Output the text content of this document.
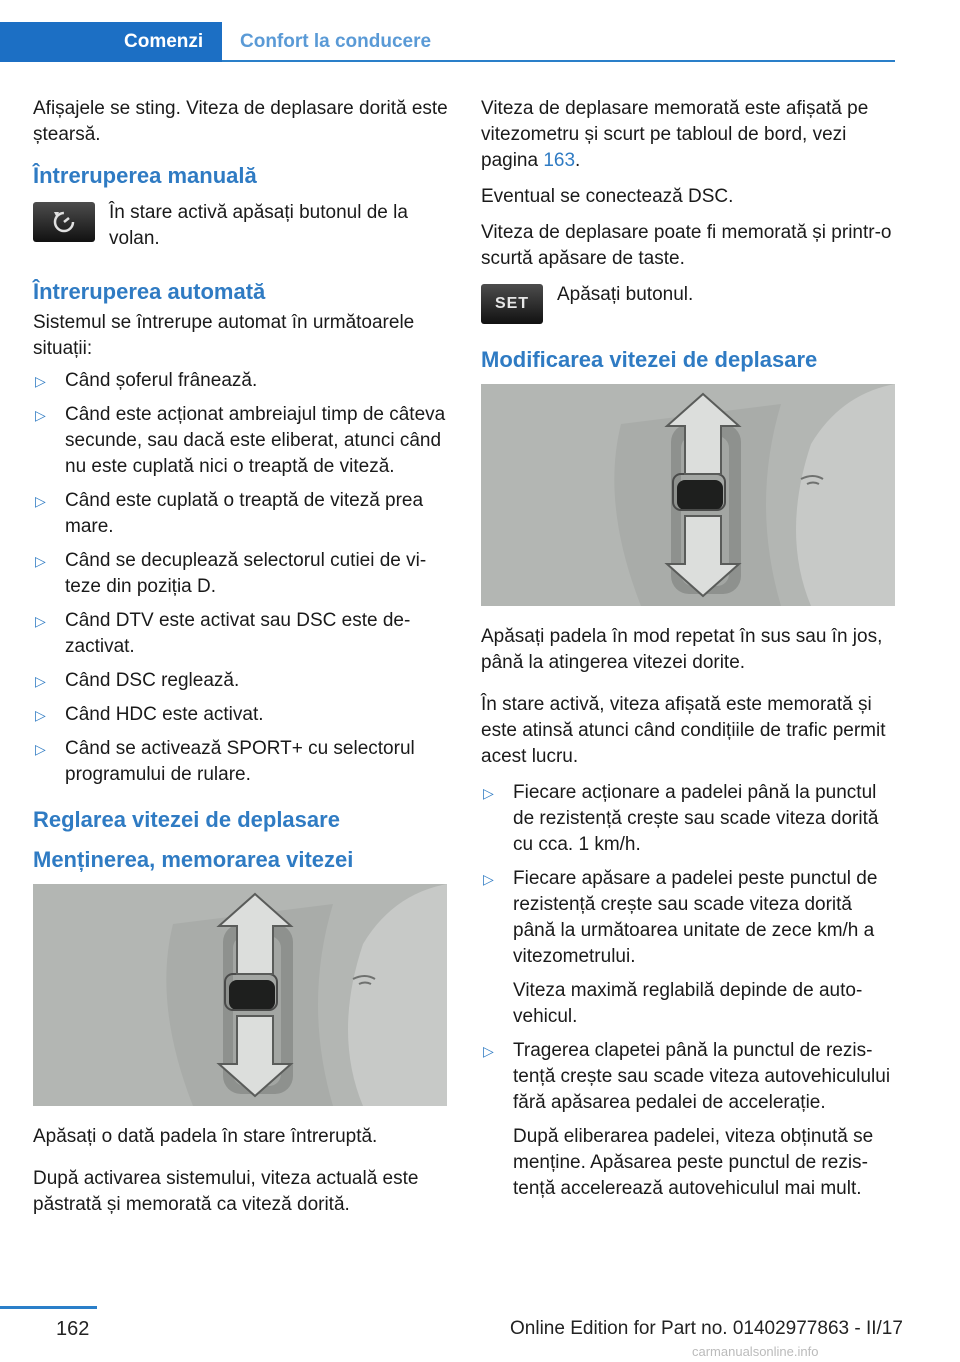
Comenzi	Confort la conducere

Afișajele se sting. Viteza de deplasare dorită este ștearsă.

Întreruperea manuală
În stare activă apăsați butonul de la volan.
Întreruperea automată

Sistemul se întrerupe automat în următoarele situații:

▷ Când șoferul frânează.
▷ Când este acționat ambreiajul timp de câteva secunde, sau dacă este eliberat, atunci când nu este cuplată nici o treaptă de viteză.
▷ Când este cuplată o treaptă de viteză prea mare.
▷ Când se decuplează selectorul cutiei de viteze din poziția D.
▷ Când DTV este activat sau DSC este dezactivat.
▷ Când DSC reglează.
▷ Când HDC este activat.
▷ Când se activează SPORT+ cu selectorul programului de rulare.
Reglarea vitezei de deplasare
Menținerea, memorarea vitezei

Apăsați o dată padela în stare întreruptă.

După activarea sistemului, viteza actuală este păstrată și memorată ca viteză dorită.

Viteza de deplasare memorată este afișată pe vitezometru și scurt pe tabloul de bord, vezi pagina 163.

Eventual se conectează DSC.

Viteza de deplasare poate fi memorată și printr-o scurtă apăsare de taste.

SET	Apăsați butonul.
Modificarea vitezei de deplasare

Apăsați padela în mod repetat în sus sau în jos, până la atingerea vitezei dorite.

În stare activă, viteza afișată este memorată și este atinsă atunci când condițiile de trafic permit acest lucru.

▷ Fiecare acționare a padelei până la punctul de rezistență crește sau scade viteza dorită cu cca. 1 km/h.
▷ Fiecare apăsare a padelei peste punctul de rezistență crește sau scade viteza dorită până la următoarea unitate de zece km/h a vitezometrului.
Viteza maximă reglabilă depinde de autovehicul.
▷ Tragerea clapetei până la punctul de rezistență crește sau scade viteza autovehiculului fără apăsarea pedalei de accelerație.
După eliberarea padelei, viteza obținută se menține. Apăsarea peste punctul de rezistență accelerează autovehiculul mai mult.
162	Online Edition for Part no. 01402977863 - II/17
carmanualsonline.info
